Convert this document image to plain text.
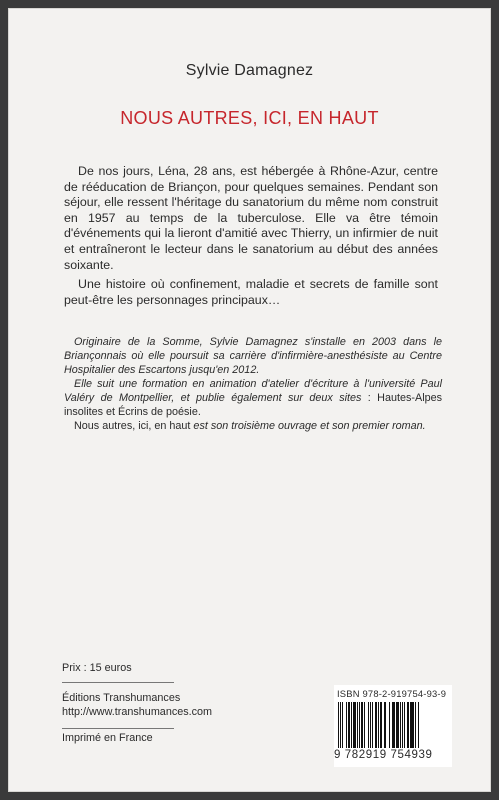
Sylvie Damagnez
NOUS AUTRES, ICI, EN HAUT

De nos jours, Léna, 28 ans, est hébergée à Rhône-Azur, centre de rééducation de Briançon, pour quelques semaines. Pendant son séjour, elle ressent l'héritage du sanatorium du même nom construit en 1957 au temps de la tuberculose. Elle va être témoin d'événements qui la lieront d'amitié avec Thierry, un infirmier de nuit et entraîneront le lecteur dans le sanatorium au début des années soixante.

Une histoire où confinement, maladie et secrets de famille sont peut-être les personnages principaux…

Originaire de la Somme, Sylvie Damagnez s'installe en 2003 dans le Briançonnais où elle poursuit sa carrière d'infirmière-anesthésiste au Centre Hospitalier des Escartons jusqu'en 2012.

Elle suit une formation en animation d'atelier d'écriture à l'université Paul Valéry de Montpellier, et publie également sur deux sites : Hautes-Alpes insolites et Écrins de poésie.

Nous autres, ici, en haut est son troisième ouvrage et son premier roman.

Prix : 15 euros
Éditions Transhumances
http://www.transhumances.com
Imprimé en France
ISBN 978-2-919754-93-9
9 782919 754939
